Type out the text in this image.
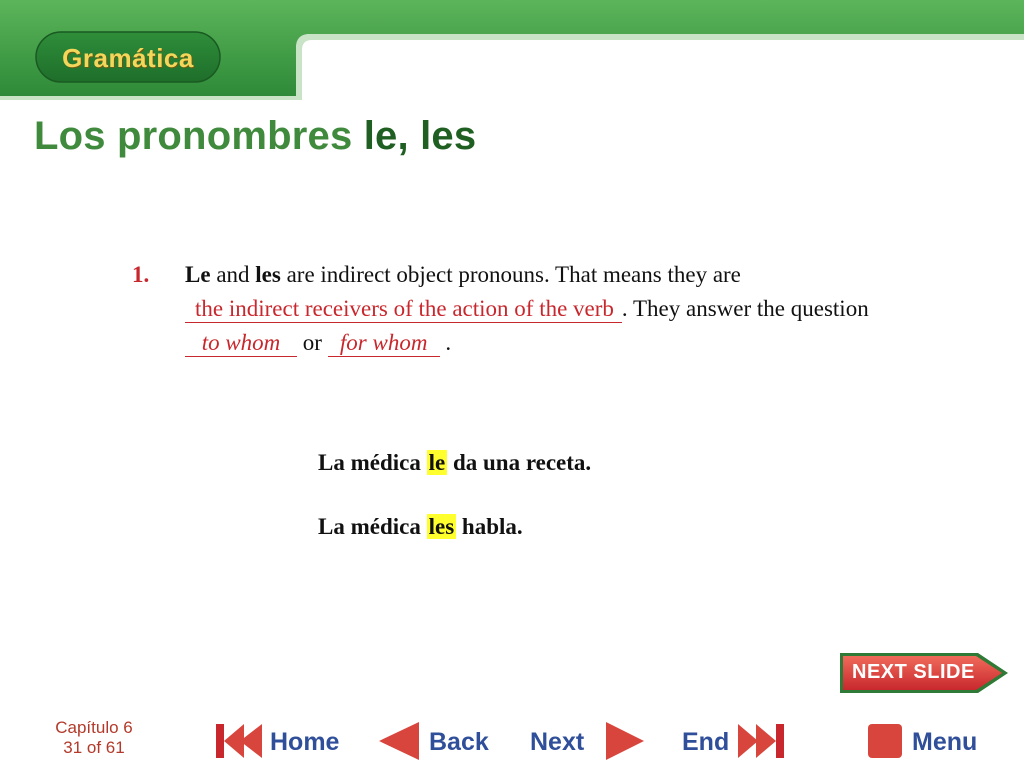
Gramática
Los pronombres le, les
1. Le and les are indirect object pronouns. That means they are
the indirect receivers of the action of the verb . They answer the question to whom or for whom .
La médica le da una receta.
La médica les habla.
NEXT SLIDE
Capítulo 6
31 of 61	Home	Back Next	End	Menu
